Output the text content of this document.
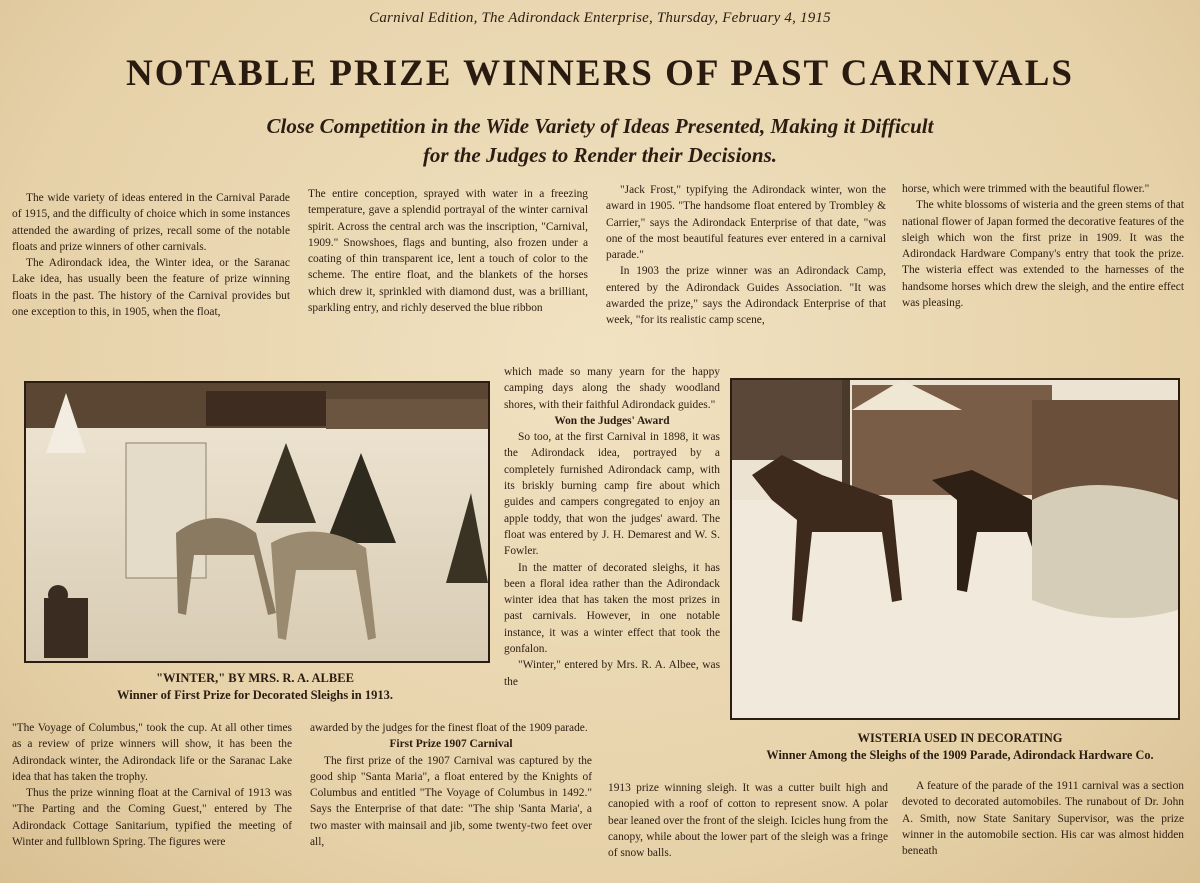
Carnival Edition, The Adirondack Enterprise, Thursday, February 4, 1915
NOTABLE PRIZE WINNERS OF PAST CARNIVALS
Close Competition in the Wide Variety of Ideas Presented, Making it Difficult
for the Judges to Render their Decisions.

The wide variety of ideas entered in the Carnival Parade of 1915, and the difficulty of choice which in some instances attended the awarding of prizes, recall some of the notable floats and prize winners of other carnivals.

The Adirondack idea, the Winter idea, or the Saranac Lake idea, has usually been the feature of prize winning floats in the past. The history of the Carnival provides but one exception to this, in 1905, when the float,

The entire conception, sprayed with water in a freezing temperature, gave a splendid portrayal of the winter carnival spirit. Across the central arch was the inscription, "Carnival, 1909." Snowshoes, flags and bunting, also frozen under a coating of thin transparent ice, lent a touch of color to the scheme. The entire float, and the blankets of the horses which drew it, sprinkled with diamond dust, was a brilliant, sparkling entry, and richly deserved the blue ribbon

"Jack Frost," typifying the Adirondack winter, won the award in 1905. "The handsome float entered by Trombley & Carrier," says the Adirondack Enterprise of that date, "was one of the most beautiful features ever entered in a carnival parade."

In 1903 the prize winner was an Adirondack Camp, entered by the Adirondack Guides Association. "It was awarded the prize," says the Adirondack Enterprise of that week, "for its realistic camp scene,

horse, which were trimmed with the beautiful flower."

The white blossoms of wisteria and the green stems of that national flower of Japan formed the decorative features of the sleigh which won the first prize in 1909. It was the Adirondack Hardware Company's entry that took the prize. The wisteria effect was extended to the harnesses of the handsome horses which drew the sleigh, and the entire effect was pleasing.

"WINTER," BY MRS. R. A. ALBEE
Winner of First Prize for Decorated Sleighs in 1913.

which made so many yearn for the happy camping days along the shady woodland shores, with their faithful Adirondack guides."

Won the Judges' Award

So too, at the first Carnival in 1898, it was the Adirondack idea, portrayed by a completely furnished Adirondack camp, with its briskly burning camp fire about which guides and campers congregated to enjoy an apple toddy, that won the judges' award. The float was entered by J. H. Demarest and W. S. Fowler.

In the matter of decorated sleighs, it has been a floral idea rather than the Adirondack winter idea that has taken the most prizes in past carnivals. However, in one notable instance, it was a winter effect that took the gonfalon.

"Winter," entered by Mrs. R. A. Albee, was the

WISTERIA USED IN DECORATING
Winner Among the Sleighs of the 1909 Parade, Adirondack Hardware Co.

"The Voyage of Columbus," took the cup. At all other times as a review of prize winners will show, it has been the Adirondack winter, the Adirondack life or the Saranac Lake idea that has taken the trophy.

Thus the prize winning float at the Carnival of 1913 was "The Parting and the Coming Guest," entered by The Adirondack Cottage Sanitarium, typified the meeting of Winter and fullblown Spring. The figures were

awarded by the judges for the finest float of the 1909 parade.

First Prize 1907 Carnival

The first prize of the 1907 Carnival was captured by the good ship "Santa Maria", a float entered by the Knights of Columbus and entitled "The Voyage of Columbus in 1492." Says the Enterprise of that date: "The ship 'Santa Maria', a two master with mainsail and jib, some twenty-two feet over all,

1913 prize winning sleigh. It was a cutter built high and canopied with a roof of cotton to represent snow. A polar bear leaned over the front of the sleigh. Icicles hung from the canopy, while about the lower part of the sleigh was a fringe of snow balls.

A feature of the parade of the 1911 carnival was a section devoted to decorated automobiles. The runabout of Dr. John A. Smith, now State Sanitary Supervisor, was the prize winner in the automobile section. His car was almost hidden beneath
